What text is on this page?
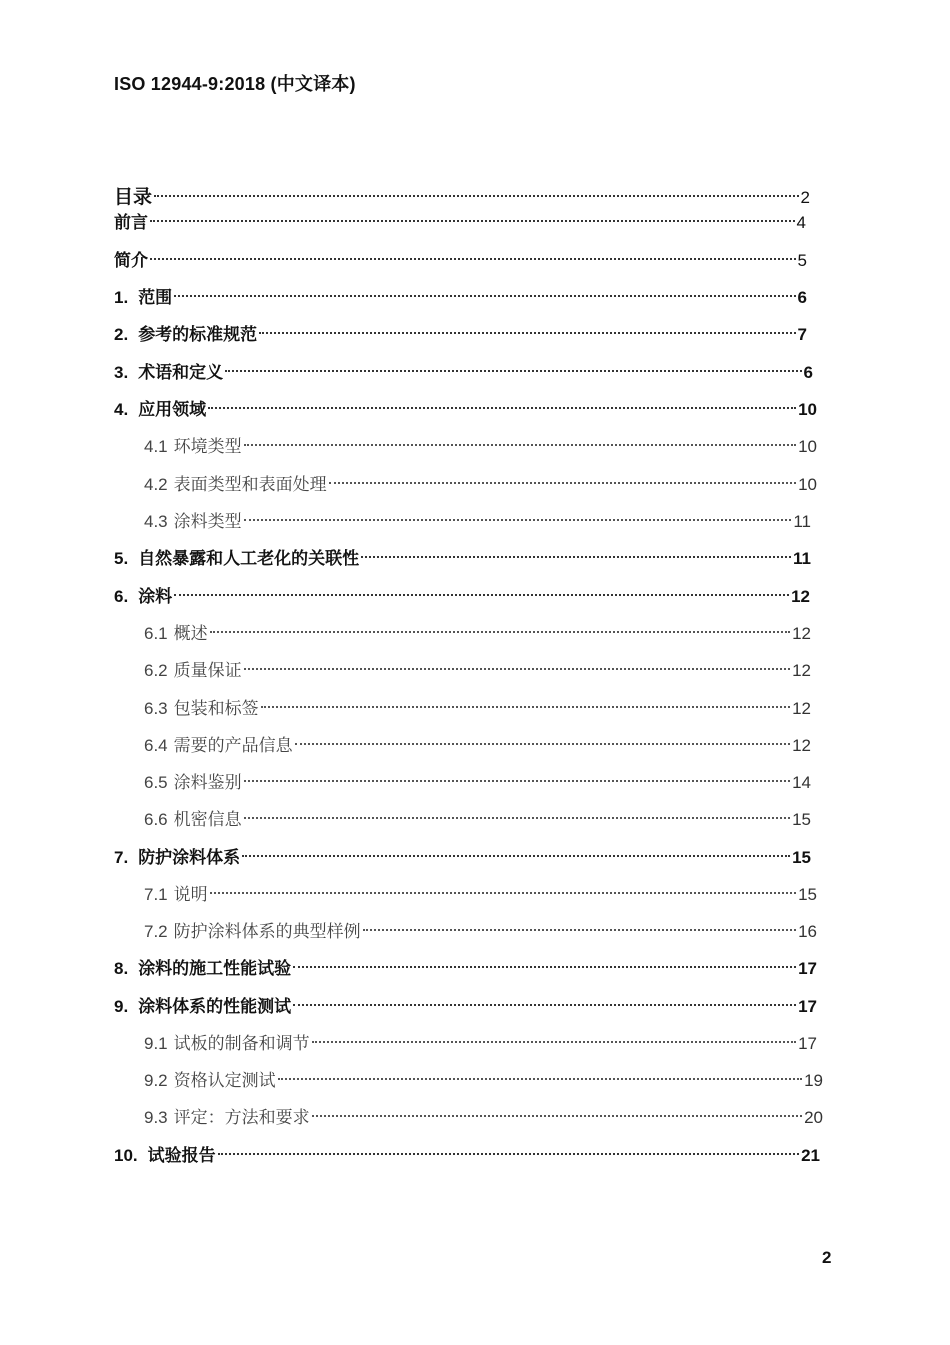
ISO 12944-9:2018 (中文译本)
目录	2
前言	4
简介	5
1. 范围	6
2. 参考的标准规范	7
3. 术语和定义	6
4. 应用领域	10
4.1 环境类型	10
4.2 表面类型和表面处理	10
4.3 涂料类型	11
5. 自然暴露和人工老化的关联性	11
6. 涂料	12
6.1 概述	12
6.2 质量保证	12
6.3 包装和标签	12
6.4 需要的产品信息	12
6.5 涂料鉴别	14
6.6 机密信息	15
7. 防护涂料体系	15
7.1 说明	15
7.2 防护涂料体系的典型样例	16
8. 涂料的施工性能试验	17
9. 涂料体系的性能测试	17
9.1 试板的制备和调节	17
9.2 资格认定测试	19
9.3 评定：方法和要求	20
10. 试验报告	21
2
